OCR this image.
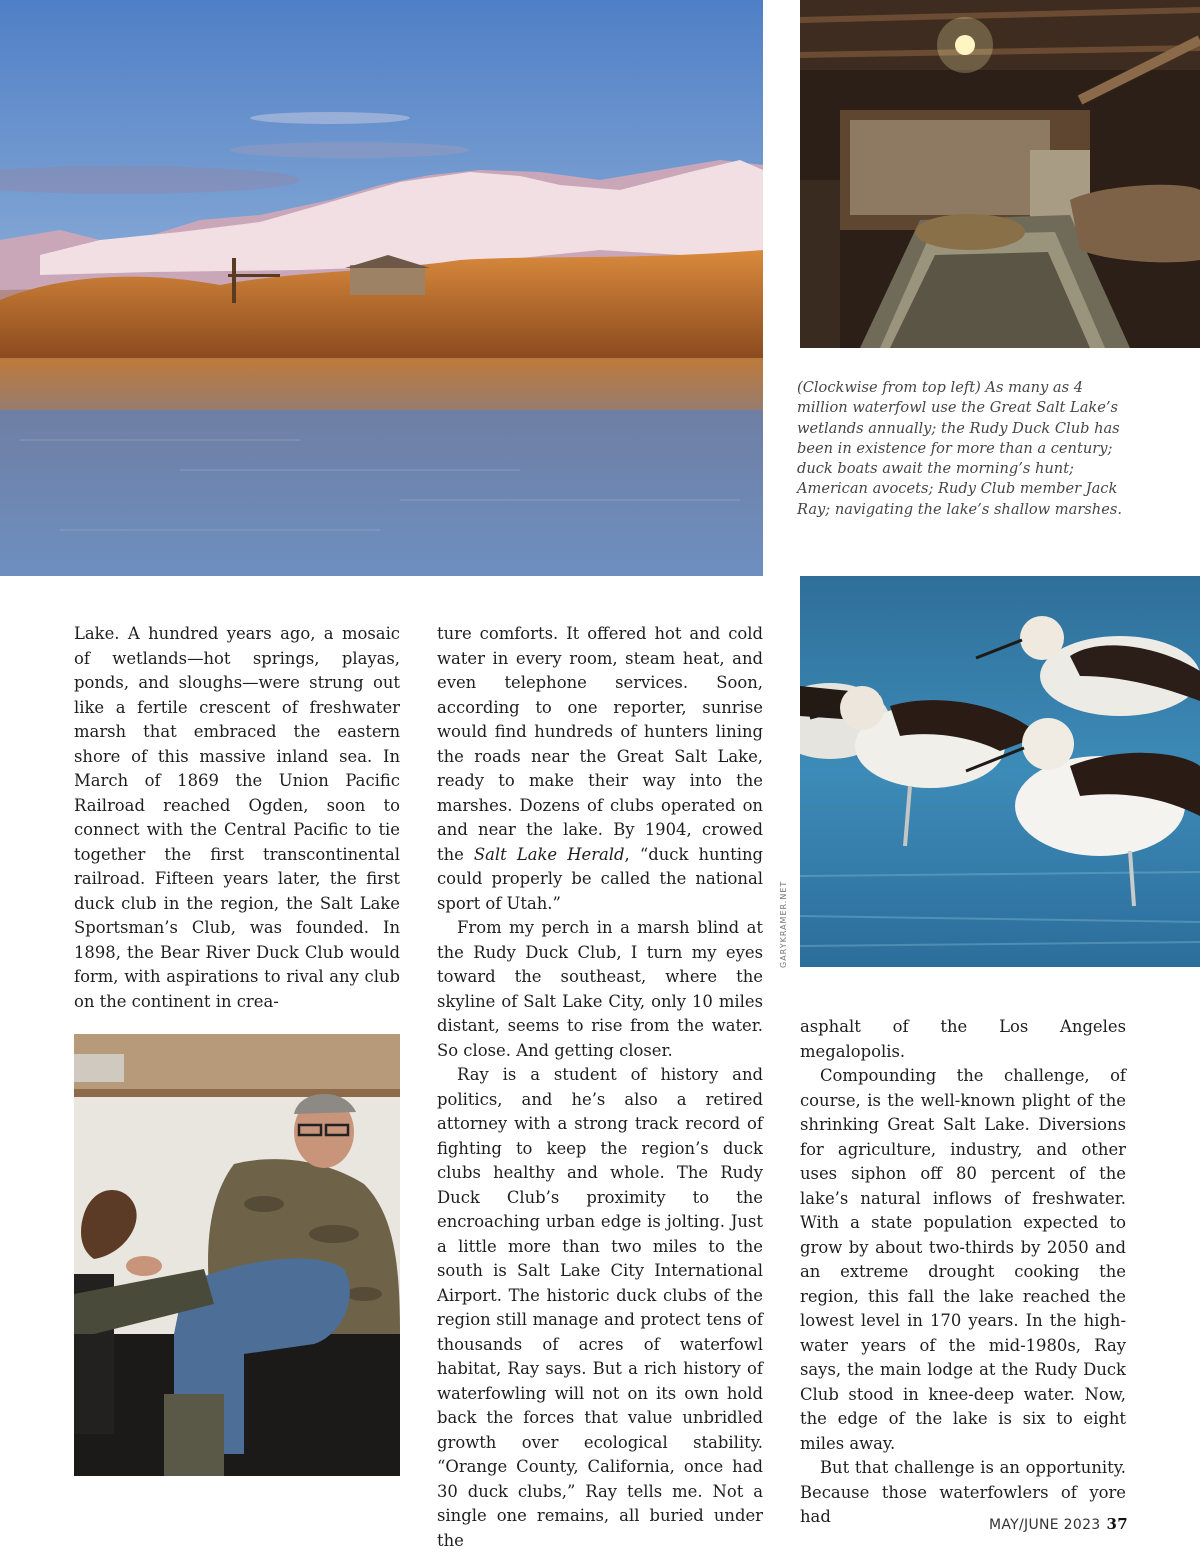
(Clockwise from top left) As many as 4 million waterfowl use the Great Salt Lake’s wetlands annually; the Rudy Duck Club has been in existence for more than a century; duck boats await the morning’s hunt; American avocets; Rudy Club member Jack Ray; navigating the lake’s shallow marshes.
GARYKRAMER.NET

Lake. A hundred years ago, a mosaic of wetlands—hot springs, playas, ponds, and sloughs—were strung out like a fertile crescent of freshwater marsh that embraced the eastern shore of this massive inland sea. In March of 1869 the Union Pacific Railroad reached Ogden, soon to connect with the Central Pacific to tie together the first transcontinental railroad. Fifteen years later, the first duck club in the region, the Salt Lake Sportsman’s Club, was founded. In 1898, the Bear River Duck Club would form, with aspirations to rival any club on the continent in crea-

ture comforts. It offered hot and cold water in every room, steam heat, and even telephone services. Soon, according to one reporter, sunrise would find hundreds of hunters lining the roads near the Great Salt Lake, ready to make their way into the marshes. Dozens of clubs operated on and near the lake. By 1904, crowed the Salt Lake Herald, “duck hunting could properly be called the national sport of Utah.”

From my perch in a marsh blind at the Rudy Duck Club, I turn my eyes toward the southeast, where the skyline of Salt Lake City, only 10 miles distant, seems to rise from the water. So close. And getting closer.

Ray is a student of history and politics, and he’s also a retired attorney with a strong track record of fighting to keep the region’s duck clubs healthy and whole. The Rudy Duck Club’s proximity to the encroaching urban edge is jolting. Just a little more than two miles to the south is Salt Lake City International Airport. The historic duck clubs of the region still manage and protect tens of thousands of acres of waterfowl habitat, Ray says. But a rich history of waterfowling will not on its own hold back the forces that value unbridled growth over ecological stability. “Orange County, California, once had 30 duck clubs,” Ray tells me. Not a single one remains, all buried under the

asphalt of the Los Angeles megalopolis.

Compounding the challenge, of course, is the well-known plight of the shrinking Great Salt Lake. Diversions for agriculture, industry, and other uses siphon off 80 percent of the lake’s natural inflows of freshwater. With a state population expected to grow by about two-thirds by 2050 and an extreme drought cooking the region, this fall the lake reached the lowest level in 170 years. In the high-water years of the mid-1980s, Ray says, the main lodge at the Rudy Duck Club stood in knee-deep water. Now, the edge of the lake is six to eight miles away.

But that challenge is an opportunity. Because those waterfowlers of yore had	MAY/JUNE 2023 37
